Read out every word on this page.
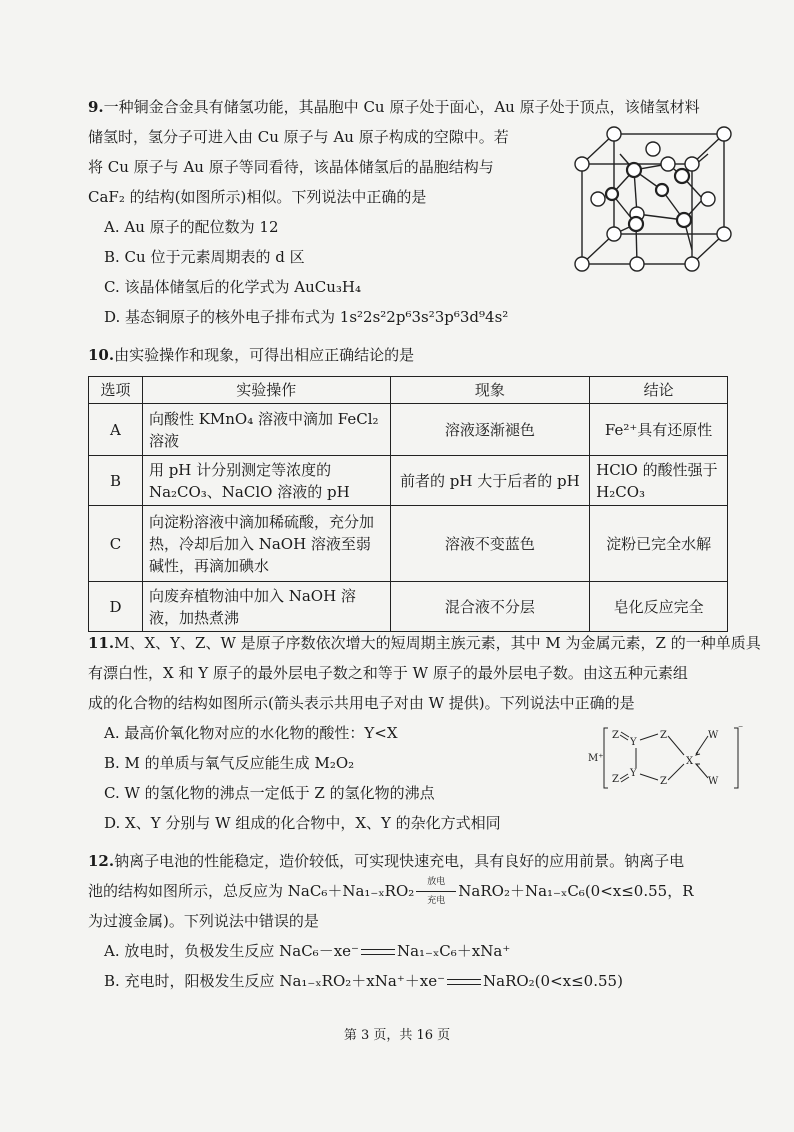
9.一种铜金合金具有储氢功能，其晶胞中 Cu 原子处于面心，Au 原子处于顶点，该储氢材料
储氢时，氢分子可进入由 Cu 原子与 Au 原子构成的空隙中。若
将 Cu 原子与 Au 原子等同看待，该晶体储氢后的晶胞结构与
CaF₂ 的结构(如图所示)相似。下列说法中正确的是
A. Au 原子的配位数为 12
B. Cu 位于元素周期表的 d 区
C. 该晶体储氢后的化学式为 AuCu₃H₄
D. 基态铜原子的核外电子排布式为 1s²2s²2p⁶3s²3p⁶3d⁹4s²
10.由实验操作和现象，可得出相应正确结论的是
选项	实验操作	现象	结论
A	向酸性 KMnO₄ 溶液中滴加 FeCl₂ 溶液	溶液逐渐褪色	Fe²⁺具有还原性
B	用 pH 计分别测定等浓度的 Na₂CO₃、NaClO 溶液的 pH	前者的 pH 大于后者的 pH	HClO 的酸性强于 H₂CO₃
C	向淀粉溶液中滴加稀硫酸，充分加热，冷却后加入 NaOH 溶液至弱碱性，再滴加碘水	溶液不变蓝色	淀粉已完全水解
D	向废弃植物油中加入 NaOH 溶液，加热煮沸	混合液不分层	皂化反应完全
11.M、X、Y、Z、W 是原子序数依次增大的短周期主族元素，其中 M 为金属元素，Z 的一种单质具
有漂白性，X 和 Y 原子的最外层电子数之和等于 W 原子的最外层电子数。由这五种元素组
成的化合物的结构如图所示(箭头表示共用电子对由 W 提供)。下列说法中正确的是
A. 最高价氧化物对应的水化物的酸性：Y<X
B. M 的单质与氧气反应能生成 M₂O₂
C. W 的氢化物的沸点一定低于 Z 的氢化物的沸点
D. X、Y 分别与 W 组成的化合物中，X、Y 的杂化方式相同
M⁺
Z
Y
Z
X
W
Z
Y
Z	W
⁻
12.钠离子电池的性能稳定，造价较低，可实现快速充电，具有良好的应用前景。钠离子电
池的结构如图所示，总反应为 NaC₆＋Na₁₋ₓRO₂	放电
充电
NaRO₂＋Na₁₋ₓC₆(0<x≤0.55，R
为过渡金属)。下列说法中错误的是
A. 放电时，负极发生反应 NaC₆－xe⁻	Na₁₋ₓC₆＋xNa⁺
B. 充电时，阳极发生反应 Na₁₋ₓRO₂＋xNa⁺＋xe⁻	NaRO₂(0<x≤0.55)
第 3 页，共 16 页
